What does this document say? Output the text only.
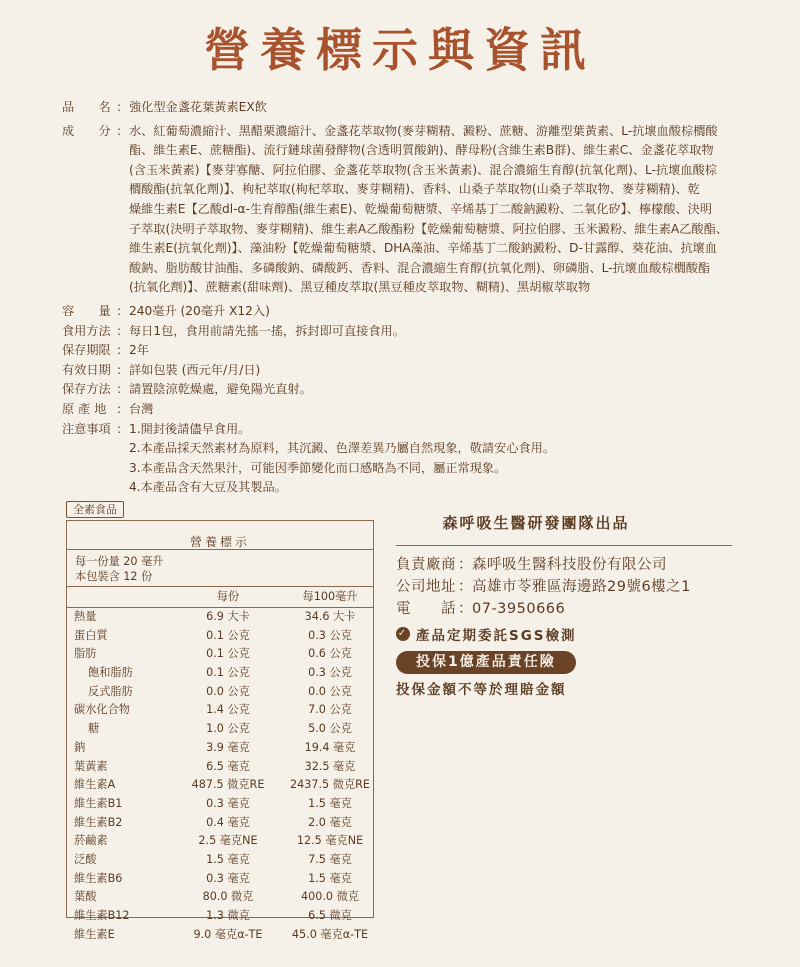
營養標示與資訊
品　　名 : 強化型金盞花葉黃素EX飲
成　　分 : 水、紅葡萄濃縮汁、黑醋栗濃縮汁、金盞花萃取物(麥芽糊精、澱粉、蔗糖、游離型葉黃素、L-抗壞血酸棕櫚酸
酯、維生素E、蔗糖酯)、流行鏈球菌發酵物(含透明質酸鈉)、酵母粉(含維生素B群)、維生素C、金盞花萃取物
(含玉米黃素)【麥芽寡醣、阿拉伯膠、金盞花萃取物(含玉米黃素)、混合濃縮生育醇(抗氧化劑)、L-抗壞血酸棕
櫚酸酯(抗氧化劑)】、枸杞萃取(枸杞萃取、麥芽糊精)、香料、山桑子萃取物(山桑子萃取物、麥芽糊精)、乾
燥維生素E【乙酸dl-α-生育醇酯(維生素E)、乾燥葡萄糖漿、辛烯基丁二酸鈉澱粉、二氧化矽】、檸檬酸、決明
子萃取(決明子萃取物、麥芽糊精)、維生素A乙酸酯粉【乾燥葡萄糖漿、阿拉伯膠、玉米澱粉、維生素A乙酸酯、
維生素E(抗氧化劑)】、藻油粉【乾燥葡萄糖漿、DHA藻油、辛烯基丁二酸鈉澱粉、D-甘露醇、葵花油、抗壞血
酸鈉、脂肪酸甘油酯、多磷酸鈉、磷酸鈣、香料、混合濃縮生育醇(抗氧化劑)、卵磷脂、L-抗壞血酸棕櫚酸酯
(抗氧化劑)】、蔗糖素(甜味劑)、黑豆種皮萃取(黑豆種皮萃取物、糊精)、黑胡椒萃取物
容　　量 : 240毫升 (20毫升 X12入)
食用方法 : 每日1包，食用前請先搖一搖，拆封即可直接食用。
保存期限 : 2年
有效日期 : 詳如包裝 (西元年/月/日)
保存方法 : 請置陰涼乾燥處，避免陽光直射。
原 產 地 : 台灣
注意事項 : 1.開封後請儘早食用。
2.本產品採天然素材為原料，其沉澱、色澤差異乃屬自然現象，敬請安心食用。
3.本產品含天然果汁，可能因季節變化而口感略為不同，屬正常現象。
4.本產品含有大豆及其製品。
全素食品
營養標示
每一份量 20 毫升
本包裝含 12 份
每份	每100毫升
熱量	6.9 大卡	34.6 大卡
蛋白質	0.1 公克	0.3 公克
脂肪	0.1 公克	0.6 公克
飽和脂肪	0.1 公克	0.3 公克
反式脂肪	0.0 公克	0.0 公克
碳水化合物	1.4 公克	7.0 公克
糖	1.0 公克	5.0 公克
鈉	3.9 毫克	19.4 毫克
葉黃素	6.5 毫克	32.5 毫克
維生素A	487.5 微克RE	2437.5 微克RE
維生素B1	0.3 毫克	1.5 毫克
維生素B2	0.4 毫克	2.0 毫克
菸鹼素	2.5 毫克NE	12.5 毫克NE
泛酸	1.5 毫克	7.5 毫克
維生素B6	0.3 毫克	1.5 毫克
葉酸	80.0 微克	400.0 微克
維生素B12	1.3 微克	6.5 微克
維生素E	9.0 毫克α-TE	45.0 毫克α-TE
森呼吸生醫研發團隊出品
負責廠商 ： 森呼吸生醫科技股份有限公司
公司地址 ： 高雄市苓雅區海邊路29號6樓之1
電　　話 ： 07-3950666
✓ 產品定期委託SGS檢測
投保1億產品責任險
投保金額不等於理賠金額
